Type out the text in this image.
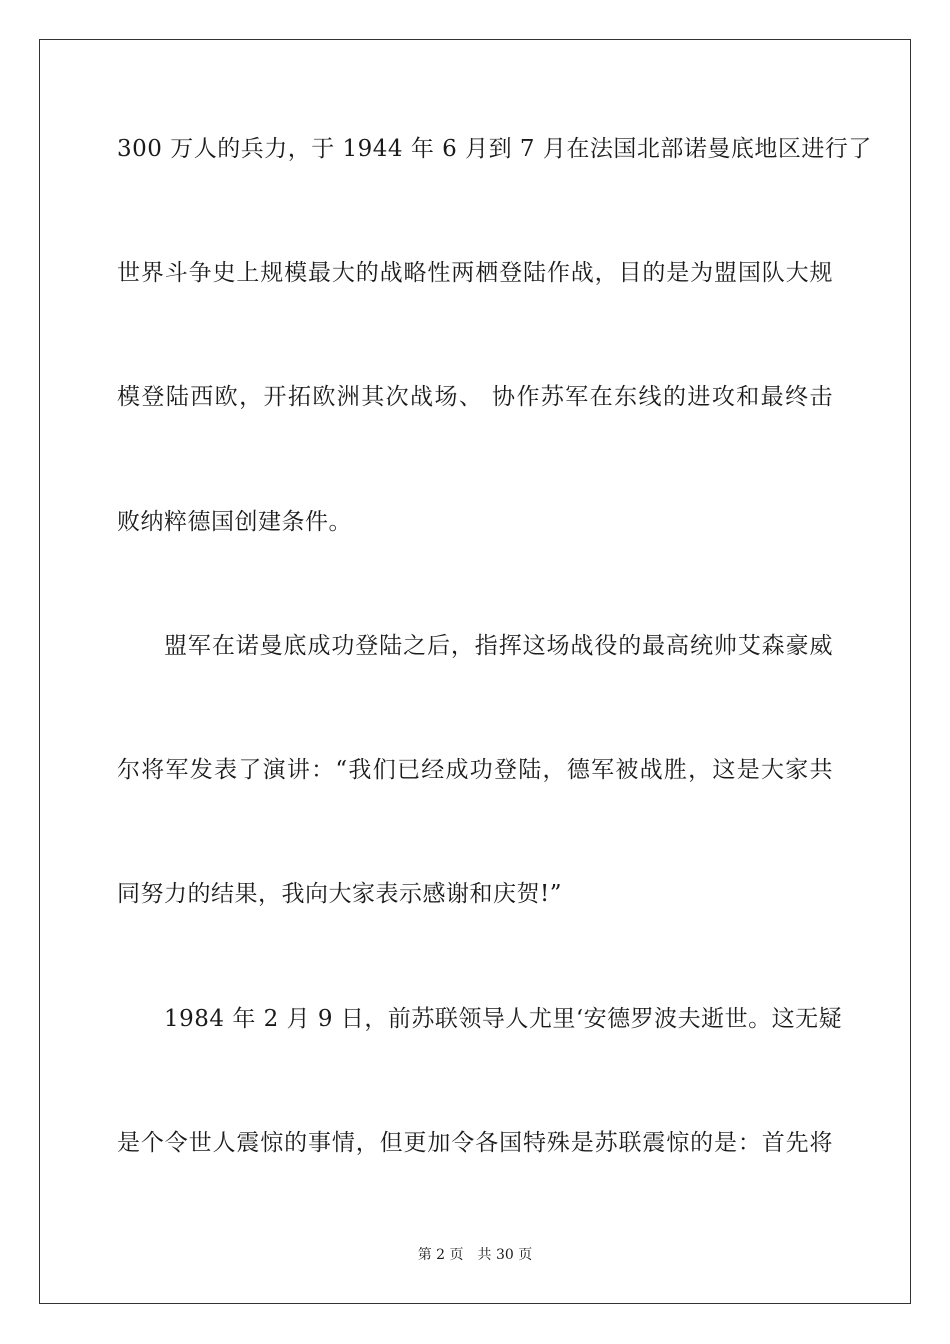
300 万人的兵力，于 1944 年 6 月到 7 月在法国北部诺曼底地区进行了
世界斗争史上规模最大的战略性两栖登陆作战，目的是为盟国队大规
模登陆西欧，开拓欧洲其次战场、 协作苏军在东线的进攻和最终击
败纳粹德国创建条件。
盟军在诺曼底成功登陆之后，指挥这场战役的最高统帅艾森豪威
尔将军发表了演讲：“我们已经成功登陆，德军被战胜，这是大家共
同努力的结果，我向大家表示感谢和庆贺!”
1984 年 2 月 9 日，前苏联领导人尤里‘安德罗波夫逝世。这无疑
是个令世人震惊的事情，但更加令各国特殊是苏联震惊的是：首先将
第 2 页 共 30 页
